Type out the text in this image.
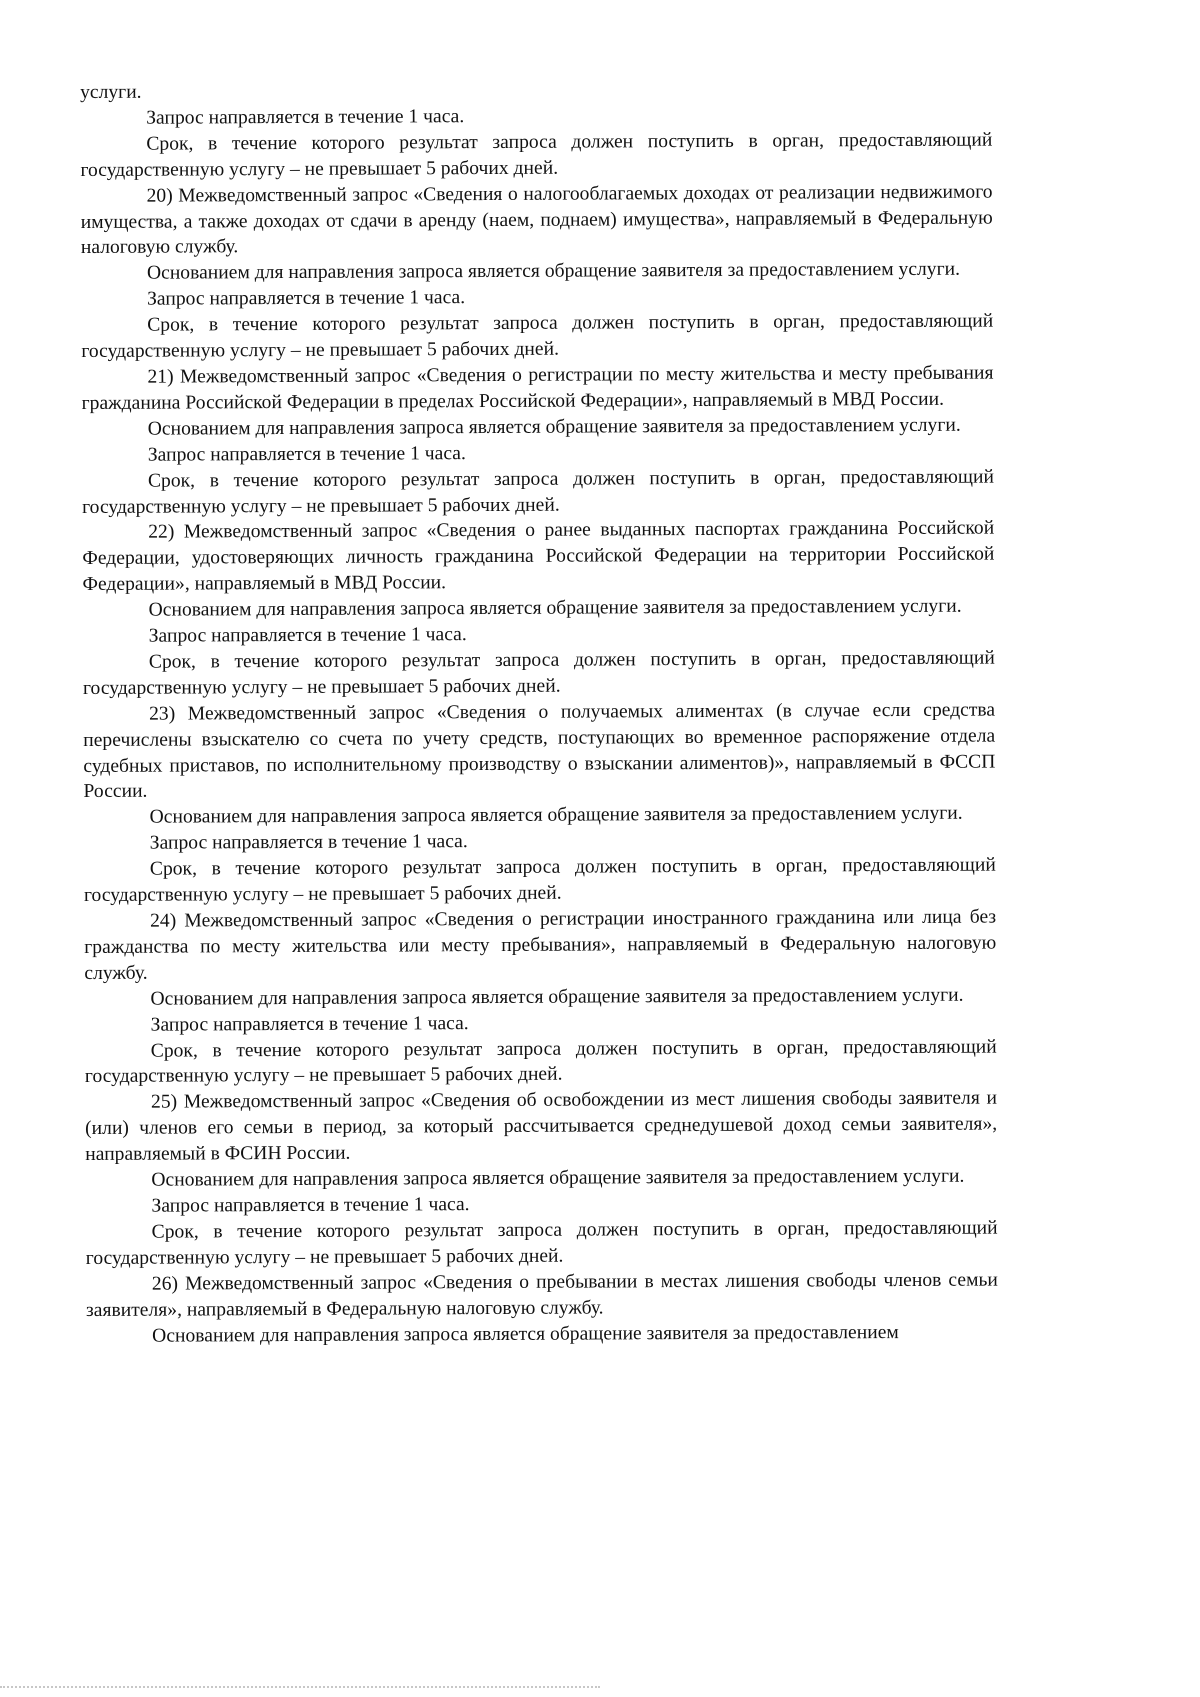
услуги.

Запрос направляется в течение 1 часа.

Срок, в течение которого результат запроса должен поступить в орган, предоставляющий государственную услугу – не превышает 5 рабочих дней.

20) Межведомственный запрос «Сведения о налогооблагаемых доходах от реализации недвижимого имущества, а также доходах от сдачи в аренду (наем, поднаем) имущества», направляемый в Федеральную налоговую службу.

Основанием для направления запроса является обращение заявителя за предоставлением услуги.

Запрос направляется в течение 1 часа.

Срок, в течение которого результат запроса должен поступить в орган, предоставляющий государственную услугу – не превышает 5 рабочих дней.

21) Межведомственный запрос «Сведения о регистрации по месту жительства и месту пребывания гражданина Российской Федерации в пределах Российской Федерации», направляемый в МВД России.

Основанием для направления запроса является обращение заявителя за предоставлением услуги.

Запрос направляется в течение 1 часа.

Срок, в течение которого результат запроса должен поступить в орган, предоставляющий государственную услугу – не превышает 5 рабочих дней.

22) Межведомственный запрос «Сведения о ранее выданных паспортах гражданина Российской Федерации, удостоверяющих личность гражданина Российской Федерации на территории Российской Федерации», направляемый в МВД России.

Основанием для направления запроса является обращение заявителя за предоставлением услуги.

Запрос направляется в течение 1 часа.

Срок, в течение которого результат запроса должен поступить в орган, предоставляющий государственную услугу – не превышает 5 рабочих дней.

23) Межведомственный запрос «Сведения о получаемых алиментах (в случае если средства перечислены взыскателю со счета по учету средств, поступающих во временное распоряжение отдела судебных приставов, по исполнительному производству о взыскании алиментов)», направляемый в ФССП России.

Основанием для направления запроса является обращение заявителя за предоставлением услуги.

Запрос направляется в течение 1 часа.

Срок, в течение которого результат запроса должен поступить в орган, предоставляющий государственную услугу – не превышает 5 рабочих дней.

24) Межведомственный запрос «Сведения о регистрации иностранного гражданина или лица без гражданства по месту жительства или месту пребывания», направляемый в Федеральную налоговую службу.

Основанием для направления запроса является обращение заявителя за предоставлением услуги.

Запрос направляется в течение 1 часа.

Срок, в течение которого результат запроса должен поступить в орган, предоставляющий государственную услугу – не превышает 5 рабочих дней.

25) Межведомственный запрос «Сведения об освобождении из мест лишения свободы заявителя и (или) членов его семьи в период, за который рассчитывается среднедушевой доход семьи заявителя», направляемый в ФСИН России.

Основанием для направления запроса является обращение заявителя за предоставлением услуги.

Запрос направляется в течение 1 часа.

Срок, в течение которого результат запроса должен поступить в орган, предоставляющий государственную услугу – не превышает 5 рабочих дней.

26) Межведомственный запрос «Сведения о пребывании в местах лишения свободы членов семьи заявителя», направляемый в Федеральную налоговую службу.

Основанием для направления запроса является обращение заявителя за предоставлением
